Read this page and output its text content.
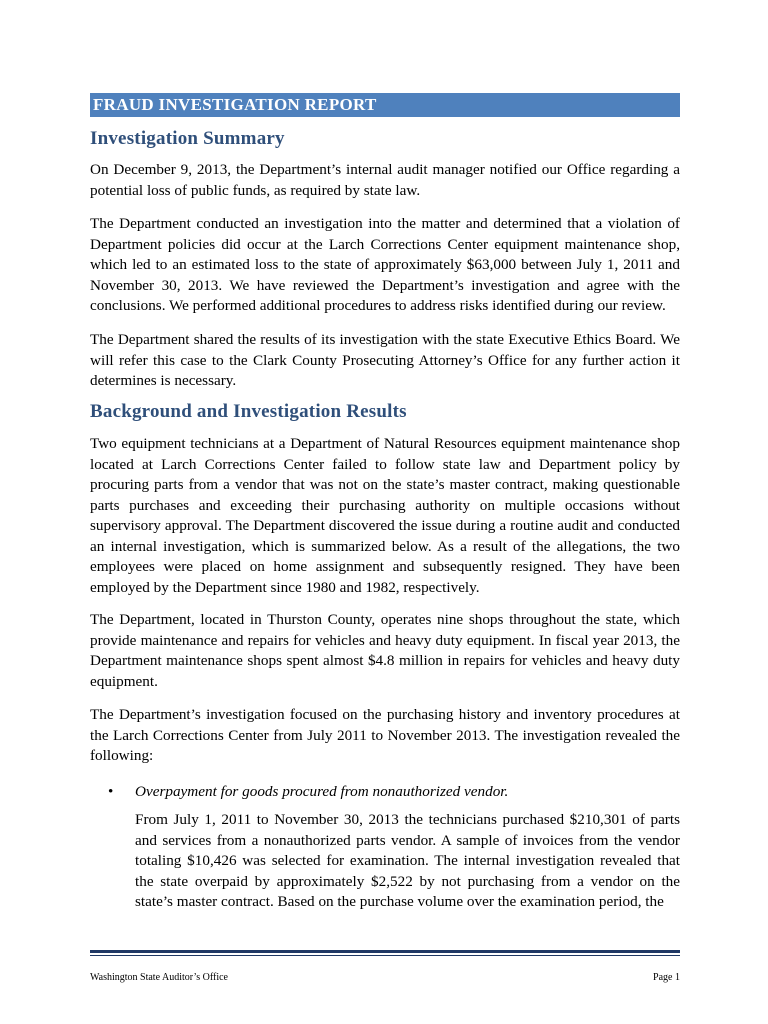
FRAUD INVESTIGATION REPORT
Investigation Summary

On December 9, 2013, the Department’s internal audit manager notified our Office regarding a potential loss of public funds, as required by state law.

The Department conducted an investigation into the matter and determined that a violation of Department policies did occur at the Larch Corrections Center equipment maintenance shop, which led to an estimated loss to the state of approximately $63,000 between July 1, 2011 and November 30, 2013. We have reviewed the Department’s investigation and agree with the conclusions. We performed additional procedures to address risks identified during our review.

The Department shared the results of its investigation with the state Executive Ethics Board. We will refer this case to the Clark County Prosecuting Attorney’s Office for any further action it determines is necessary.

Background and Investigation Results

Two equipment technicians at a Department of Natural Resources equipment maintenance shop located at Larch Corrections Center failed to follow state law and Department policy by procuring parts from a vendor that was not on the state’s master contract, making questionable parts purchases and exceeding their purchasing authority on multiple occasions without supervisory approval. The Department discovered the issue during a routine audit and conducted an internal investigation, which is summarized below. As a result of the allegations, the two employees were placed on home assignment and subsequently resigned. They have been employed by the Department since 1980 and 1982, respectively.

The Department, located in Thurston County, operates nine shops throughout the state, which provide maintenance and repairs for vehicles and heavy duty equipment. In fiscal year 2013, the Department maintenance shops spent almost $4.8 million in repairs for vehicles and heavy duty equipment.

The Department’s investigation focused on the purchasing history and inventory procedures at the Larch Corrections Center from July 2011 to November 2013. The investigation revealed the following:

• Overpayment for goods procured from nonauthorized vendor.

From July 1, 2011 to November 30, 2013 the technicians purchased $210,301 of parts and services from a nonauthorized parts vendor. A sample of invoices from the vendor totaling $10,426 was selected for examination. The internal investigation revealed that the state overpaid by approximately $2,522 by not purchasing from a vendor on the state’s master contract. Based on the purchase volume over the examination period, the

Washington State Auditor’s Office	Page 1
